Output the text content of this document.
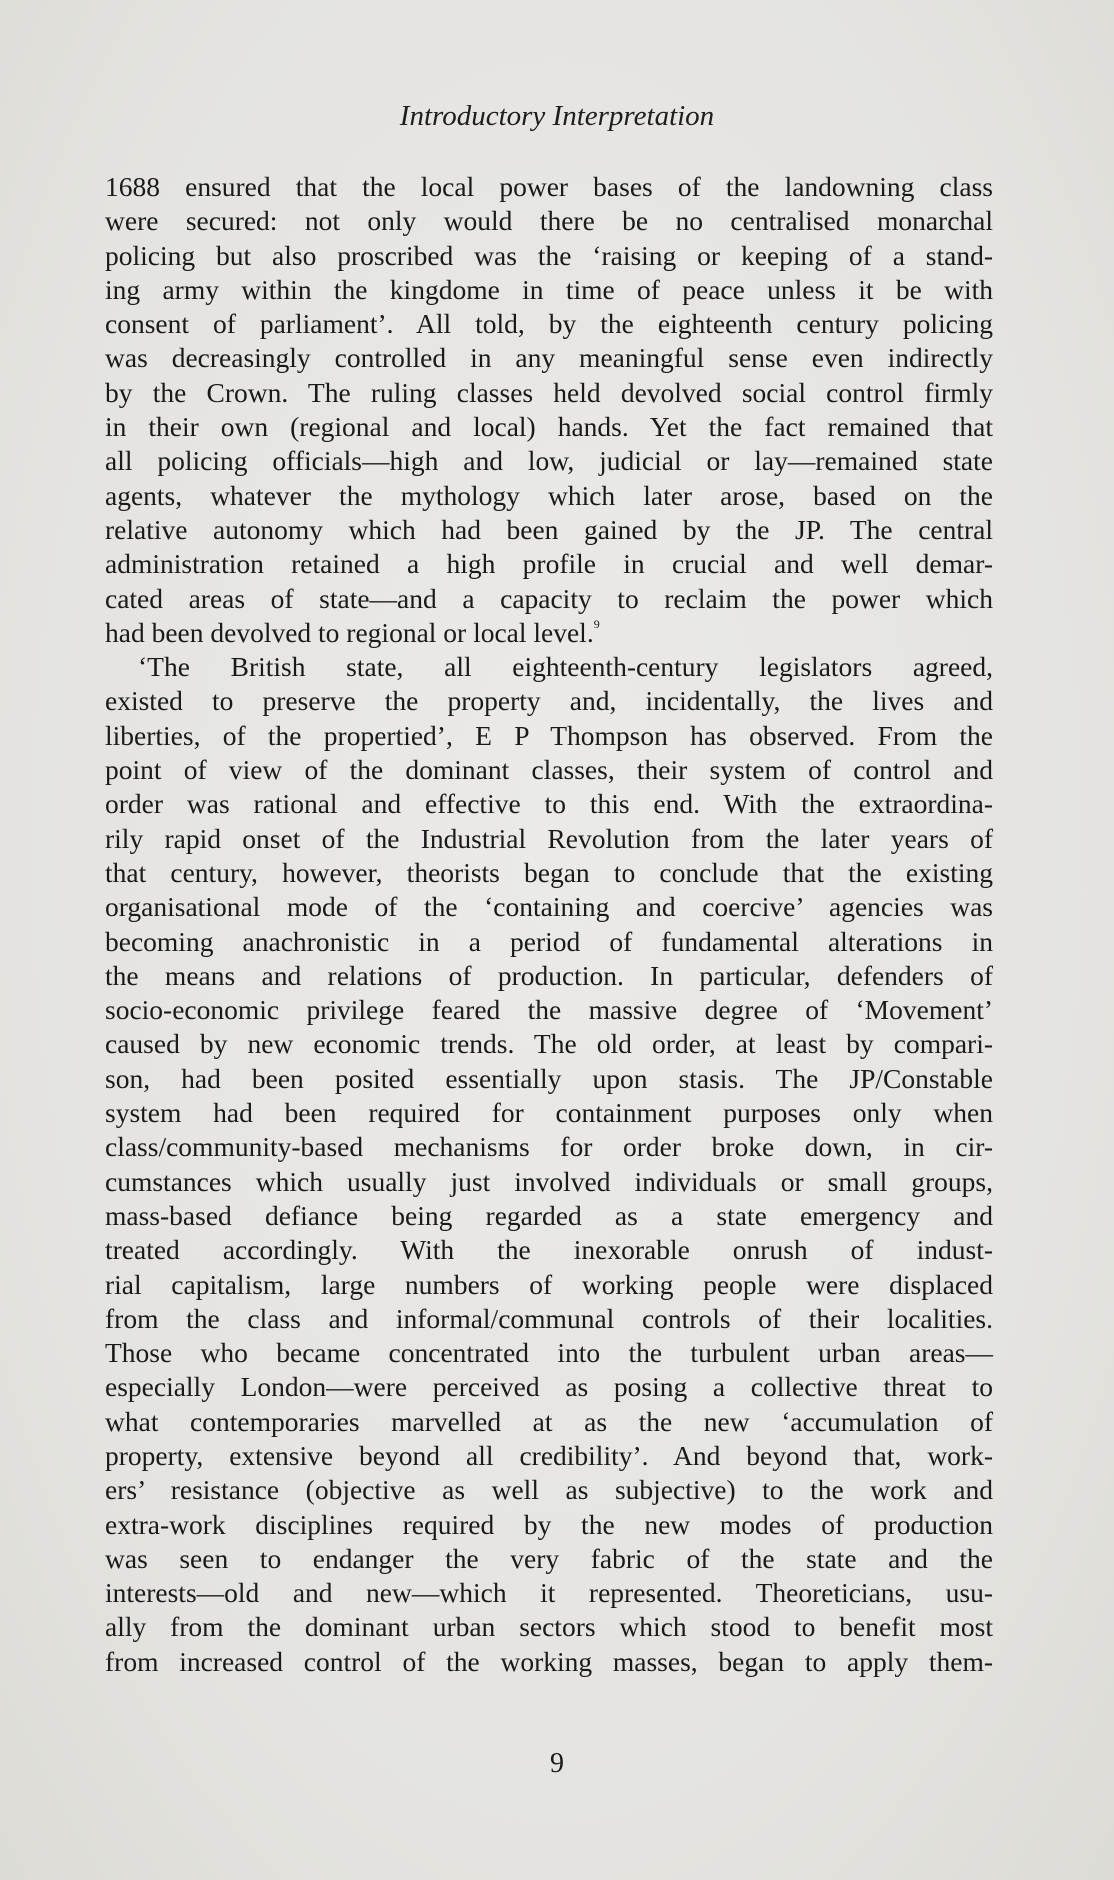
Introductory Interpretation
1688 ensured that the local power bases of the landowning class
were secured: not only would there be no centralised monarchal
policing but also proscribed was the ‘raising or keeping of a stand-
ing army within the kingdome in time of peace unless it be with
consent of parliament’. All told, by the eighteenth century policing
was decreasingly controlled in any meaningful sense even indirectly
by the Crown. The ruling classes held devolved social control firmly
in their own (regional and local) hands. Yet the fact remained that
all policing officials—high and low, judicial or lay—remained state
agents, whatever the mythology which later arose, based on the
relative autonomy which had been gained by the JP. The central
administration retained a high profile in crucial and well demar-
cated areas of state—and a capacity to reclaim the power which
had been devolved to regional or local level.$^9$
‘The British state, all eighteenth-century legislators agreed,
existed to preserve the property and, incidentally, the lives and
liberties, of the propertied’, E P Thompson has observed. From the
point of view of the dominant classes, their system of control and
order was rational and effective to this end. With the extraordina-
rily rapid onset of the Industrial Revolution from the later years of
that century, however, theorists began to conclude that the existing
organisational mode of the ‘containing and coercive’ agencies was
becoming anachronistic in a period of fundamental alterations in
the means and relations of production. In particular, defenders of
socio-economic privilege feared the massive degree of ‘Movement’
caused by new economic trends. The old order, at least by compari-
son, had been posited essentially upon stasis. The JP/Constable
system had been required for containment purposes only when
class/community-based mechanisms for order broke down, in cir-
cumstances which usually just involved individuals or small groups,
mass-based defiance being regarded as a state emergency and
treated accordingly. With the inexorable onrush of indust-
rial capitalism, large numbers of working people were displaced
from the class and informal/communal controls of their localities.
Those who became concentrated into the turbulent urban areas—
especially London—were perceived as posing a collective threat to
what contemporaries marvelled at as the new ‘accumulation of
property, extensive beyond all credibility’. And beyond that, work-
ers’ resistance (objective as well as subjective) to the work and
extra-work disciplines required by the new modes of production
was seen to endanger the very fabric of the state and the
interests—old and new—which it represented. Theoreticians, usu-
ally from the dominant urban sectors which stood to benefit most
from increased control of the working masses, began to apply them-
9
